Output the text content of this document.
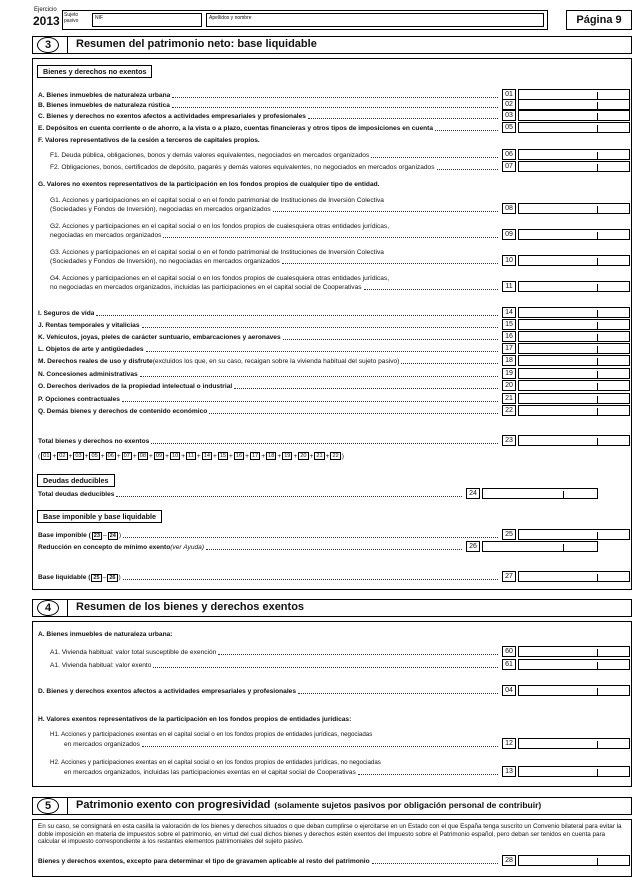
Ejercicio
2013 Sujeto pasivo	NIF	Apellidos y nombre	Página 9
3	Resumen del patrimonio neto: base liquidable
Bienes y derechos no exentos
( 01 + 02 + 03 + 05 + 06 + 07 + 08 + 09 + 10 + 11 + 14 + 15 + 16 + 17 + 18 + 19 + 20 + 21 + 22 )
Deudas deducibles
Base imponible y base liquidable
4	Resumen de los bienes y derechos exentos
A. Bienes inmuebles de naturaleza urbana:
H. Valores exentos representativos de la participación en los fondos propios de entidades jurídicas:
H1. Acciones y participaciones exentas en el capital social o en los fondos propios de entidades jurídicas, negociadas
H2. Acciones y participaciones exentas en el capital social o en los fondos propios de entidades jurídicas, no negociadas
5	Patrimonio exento con progresividad (solamente sujetos pasivos por obligación personal de contribuir)
En su caso, se consignará en esta casilla la valoración de los bienes y derechos situados o que deban cumplirse o ejercitarse en un Estado con el que España tenga suscrito un Convenio bilateral para evitar la doble imposición en materia de impuestos sobre el patrimonio, en virtud del cual dichos bienes y derechos estén exentos del Impuesto sobre el Patrimonio español, pero deban ser tenidos en cuenta para calcular el impuesto correspondiente a los restantes elementos patrimoniales del sujeto pasivo.
A. Bienes inmuebles de naturaleza urbana	01
B. Bienes inmuebles de naturaleza rústica	02
C. Bienes y derechos no exentos afectos a actividades empresariales y profesionales	03
E. Depósitos en cuenta corriente o de ahorro, a la vista o a plazo, cuentas financieras y otros tipos de imposiciones en cuenta	05
F. Valores representativos de la cesión a terceros de capitales propios.
F1. Deuda pública, obligaciones, bonos y demás valores equivalentes, negociados en mercados organizados	06
F2. Obligaciones, bonos, certificados de depósito, pagarés y demás valores equivalentes, no negociados en mercados organizados	07
G. Valores no exentos representativos de la participación en los fondos propios de cualquier tipo de entidad.
G1. Acciones y participaciones en el capital social o en el fondo patrimonial de Instituciones de Inversión Colectiva
(Sociedades y Fondos de Inversión), negociadas en mercados organizados	08
G2. Acciones y participaciones en el capital social o en los fondos propios de cualesquiera otras entidades jurídicas,
negociadas en mercados organizados	09
G3. Acciones y participaciones en el capital social o en el fondo patrimonial de Instituciones de Inversión Colectiva
(Sociedades y Fondos de Inversión), no negociadas en mercados organizados	10
G4. Acciones y participaciones en el capital social o en los fondos propios de cualesquiera otras entidades jurídicas,
no negociadas en mercados organizados, incluidas las participaciones en el capital social de Cooperativas	11
I. Seguros de vida	14
J. Rentas temporales y vitalicias	15
K. Vehículos, joyas, pieles de carácter suntuario, embarcaciones y aeronaves	16
L. Objetos de arte y antigüedades	17
M. Derechos reales de uso y disfrute (excluidos los que, en su caso, recaigan sobre la vivienda habitual del sujeto pasivo)	18
N. Concesiones administrativas	19
O. Derechos derivados de la propiedad intelectual o industrial	20
P. Opciones contractuales	21
Q. Demás bienes y derechos de contenido económico	22
Total bienes y derechos no exentos	23
Total deudas deducibles	24
Reducción en concepto de mínimo exento (ver Ayuda)	26
A1. Vivienda habitual: valor total susceptible de exención	60
A1. Vivienda habitual: valor exento	61
D. Bienes y derechos exentos afectos a actividades empresariales y profesionales	04
en mercados organizados	12
en mercados organizados, incluidas las participaciones exentas en el capital social de Cooperativas	13
Bienes y derechos exentos, excepto para determinar el tipo de gravamen aplicable al resto del patrimonio	28
Base imponible ( 23 – 24 )	25
Base liquidable ( 25 – 26 )	27
